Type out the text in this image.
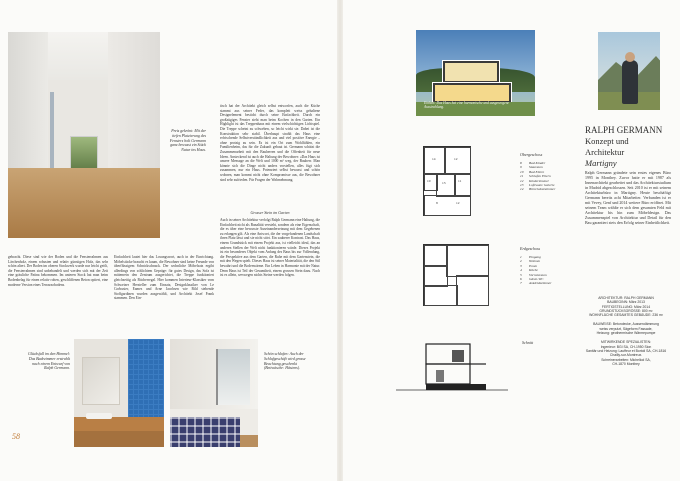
Preis gekrönt: Mit der tiefen Platzierung des Fensters holt Germann ganz bewusst ein Stück Natur ins Haus.
tisch hat der Architekt gleich selbst entworfen, auch die Küche stammt aus seiner Feder, das komplett weiss gehaltene Designelement besticht durch seine Einfachheit. Durch ein großzügiges Fenster sieht man beim Kochen in den Garten. Ein Highlight ist das Treppenhaus mit einem vielschichtigen Lichtspiel. Die Treppe scheint zu schweben, so leicht wirkt sie. Dabei ist die Konstruktion sehr stabil. Überhaupt strahlt das Haus eine erfrischende Selbstverständlichkeit aus und viel positive Energie – ohne protzig zu sein. Es ist ein Ort zum Wohlfühlen, ein Familienheim, das für die Zukunft gebaut ist. Germann schätzt die Zusammenarbeit mit den Bauherren und die Offenheit für neue Ideen. Ansteckend ist auch die Haltung der Bewohner: «Das Haus ist unsere Mensage an die Welt und 1000 m² weg, der Bauherr. Man könnte sich die Dinge nicht anders vorstellen, alles fügt sich zusammen, nur ein Haus. Potenziert selbst bewusst und schön wohnen, man kommt nicht ohne Kompromisse aus, die Bewohner sind sehr zufrieden. Für Fragen der Wahrnehmung.
Grosser Stein im Garten
Auch in seiner Architektur verfolgt Ralph Germann eine Haltung, die Einfachheit nicht als Banalität versteht, sondern als eine Eigenschaft, die es über eine bewusste Auseinandersetzung mit dem Gegebenen zu erlangen gilt. Als eine Antwort, die der vorgefundenen Landschaft ihren Platz lässt und sie nicht stört. Ein sauberer Kontrast. Das Haus, einem Grundstück mit einem Projekt aus, ist vielleicht ideal, das an anderen Stellen der Welt nicht funktionieren würde. Dieses Projekt ist ein besonderes Objekt vom Anfang des Baus bis zur Vollendung, die Perspektive aus dem Garten, die Ruhe mit dem Gartenstein, die mit den Wegen spielt. Dieses Haus ist seiner Materialität, die den Stil bewahrt und die Bodenwärme. Ein Leben in Harmonie mit der Natur. Denn Haus ist Teil der Gesamtheit, einem grossen Stein dazu. Nach ist es allein, weswegen nichts Steine werden folgen.
gebracht. Diese sind wie der Boden und die Fensterrahmen aus Lärchenholz, einem robusten und relativ günstigen Holz, das sehr schön altert. Der Boden im oberen Stockwerk wurde nur leicht geölt, die Fensterrahmen sind unbehandelt und werden sich mit der Zeit eine gräuliche Patina bekommen. Im unteren Stock hat man beim Bodenbelag für einen relativ rohen, geschliffenen Beton optiert, eine moderne Version eines Terrazzobodens.
Einfachheit lautet hier das Losungswort, auch in der Einrichtung. Möbelstücke braucht es kaum, die Bewohner sind keine Freunde von überflüssigem Schnickschnack. Der wohnliche Möbelsatz ergibt allerdings von schlichtem Gepräge: für gutes Design, das Sofa ist mittenrein den Zentrum ausgerichtet, die Treppe funktioniert gleichzeitig als Bücherregal. Hier kommen Interieur-Klassiker vom Schweizer Hersteller zum Einsatz, Designklassiker von Le Corbusier, Eames und Arne Jacobsen wie Bild stehende Stoffgardinen wurden ausgewählt, und Architekt Josef Frank stammen. Den Ein-
Glücksfall im den Himmel: Das Badezimmer erstrahlt nach einem Entwurf von Ralph Germann.
Schön schlafen: Auch der Schlafgeschäft wird grosse Beachtung geschenkt (Bettwäsche: Hästens).
58
Einheit: Das Haus hat eine harmonische und ausgewogene Ausstrahlung.
RALPH GERMANN
Konzept und
Architektur
Martigny
Ralph Germann gründete sein erstes eigenes Büro 1995 in Monthey. Zuvor hatte er mit 1987 als Innenarchitekt gearbeitet und das Architekturstudium in Madrid abgeschlossen. Seit 2010 ist er mit seinem Architekturbüro in Martigny. Heute beschäftigt Germann bereits acht Mitarbeiter. Verbunden ist er mit Vevey, Genf und 2014 weitere Büro eröffnet. Mit seinem Team wählte er sich dem gesamten Feld mit Architektur bis hin zum Möbeldesign. Das Zusammenspiel von Architektur und Detail für den Bau garantiert stets den Erfolg seiner Einheitlichkeit.
14	12
11
13
10
8	12
Obergeschoss
8 Bad Kinder
9 Stauraum
10 Bad Eltern
11 Schlafen Eltern
12 Kinderzimmer
13 Luftraum/ Galerie
14 Büro/Gästezimmer
Erdgeschoss
1 Eingang
2 Wohnen
3 Essen
4 Küche
5 Vorratsraum
6 Gäste-WC
7 Ankleidezimmer
Schnitt
ARCHITEKTUR: RALPH GERMANN
BAUBEGINN: März 2013
FERTIGSTELLUNG: März 2014
GRUNDSTÜCKSGRÖSSE: 800 m²
WOHNFLÄCHE GESAMTES GEBÄUDE: 236 m²
BAUWEISE: Betondecke, Aussendämmung
weiss verputzt, Sägeform Fassade,
Heizung: geothermische Wärmepumpe
MITWIRKENDE SPEZIALISTEN:
Ingenieur: BGI SA, CH-1950 Sion
Sanitär und Heizung: Lauffeur et Bortoli SA, CH-1816 Chailly-sur-Montreux.
Schreinerarbeiten: Michellod SA,
CH-1870 Monthey
